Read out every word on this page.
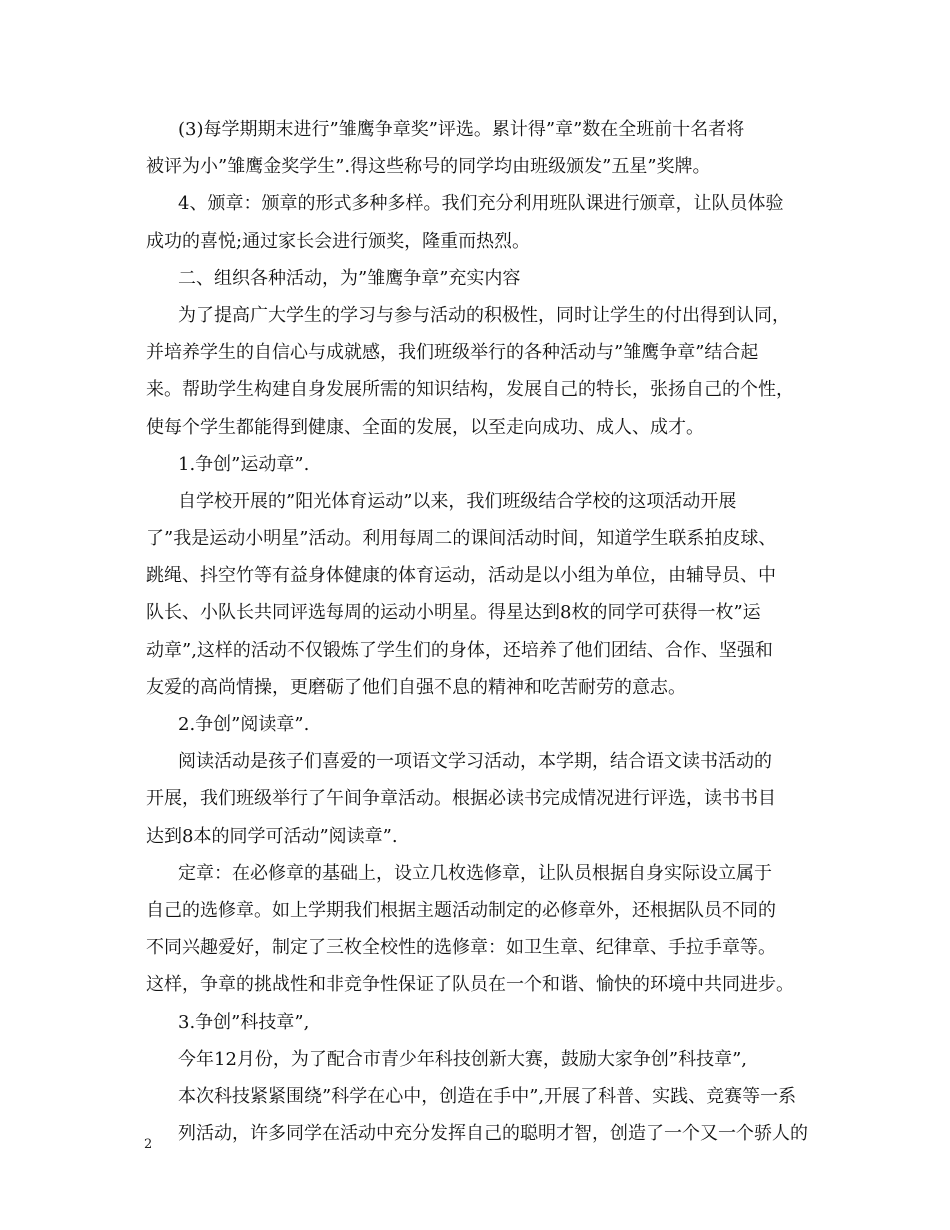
(3)每学期期末进行”雏鹰争章奖”评选。累计得”章”数在全班前十名者将
被评为小”雏鹰金奖学生”.得这些称号的同学均由班级颁发”五星”奖牌。
4、颁章：颁章的形式多种多样。我们充分利用班队课进行颁章，让队员体验
成功的喜悦;通过家长会进行颁奖，隆重而热烈。
二、组织各种活动，为”雏鹰争章”充实内容
为了提高广大学生的学习与参与活动的积极性，同时让学生的付出得到认同，
并培养学生的自信心与成就感，我们班级举行的各种活动与”雏鹰争章”结合起
来。帮助学生构建自身发展所需的知识结构，发展自己的特长，张扬自己的个性，
使每个学生都能得到健康、全面的发展，以至走向成功、成人、成才。
1.争创”运动章”.
自学校开展的”阳光体育运动”以来，我们班级结合学校的这项活动开展
了”我是运动小明星”活动。利用每周二的课间活动时间，知道学生联系拍皮球、
跳绳、抖空竹等有益身体健康的体育运动，活动是以小组为单位，由辅导员、中
队长、小队长共同评选每周的运动小明星。得星达到8枚的同学可获得一枚”运
动章”,这样的活动不仅锻炼了学生们的身体，还培养了他们团结、合作、坚强和
友爱的高尚情操，更磨砺了他们自强不息的精神和吃苦耐劳的意志。
2.争创”阅读章”.
阅读活动是孩子们喜爱的一项语文学习活动，本学期，结合语文读书活动的
开展，我们班级举行了午间争章活动。根据必读书完成情况进行评选，读书书目
达到8本的同学可活动”阅读章”.
定章：在必修章的基础上，设立几枚选修章，让队员根据自身实际设立属于
自己的选修章。如上学期我们根据主题活动制定的必修章外，还根据队员不同的
不同兴趣爱好，制定了三枚全校性的选修章：如卫生章、纪律章、手拉手章等。
这样，争章的挑战性和非竞争性保证了队员在一个和谐、愉快的环境中共同进步。
3.争创”科技章”,
今年12月份，为了配合市青少年科技创新大赛，鼓励大家争创”科技章”,
本次科技紧紧围绕”科学在心中，创造在手中”,开展了科普、实践、竞赛等一系
列活动，许多同学在活动中充分发挥自己的聪明才智，创造了一个又一个骄人的
2
